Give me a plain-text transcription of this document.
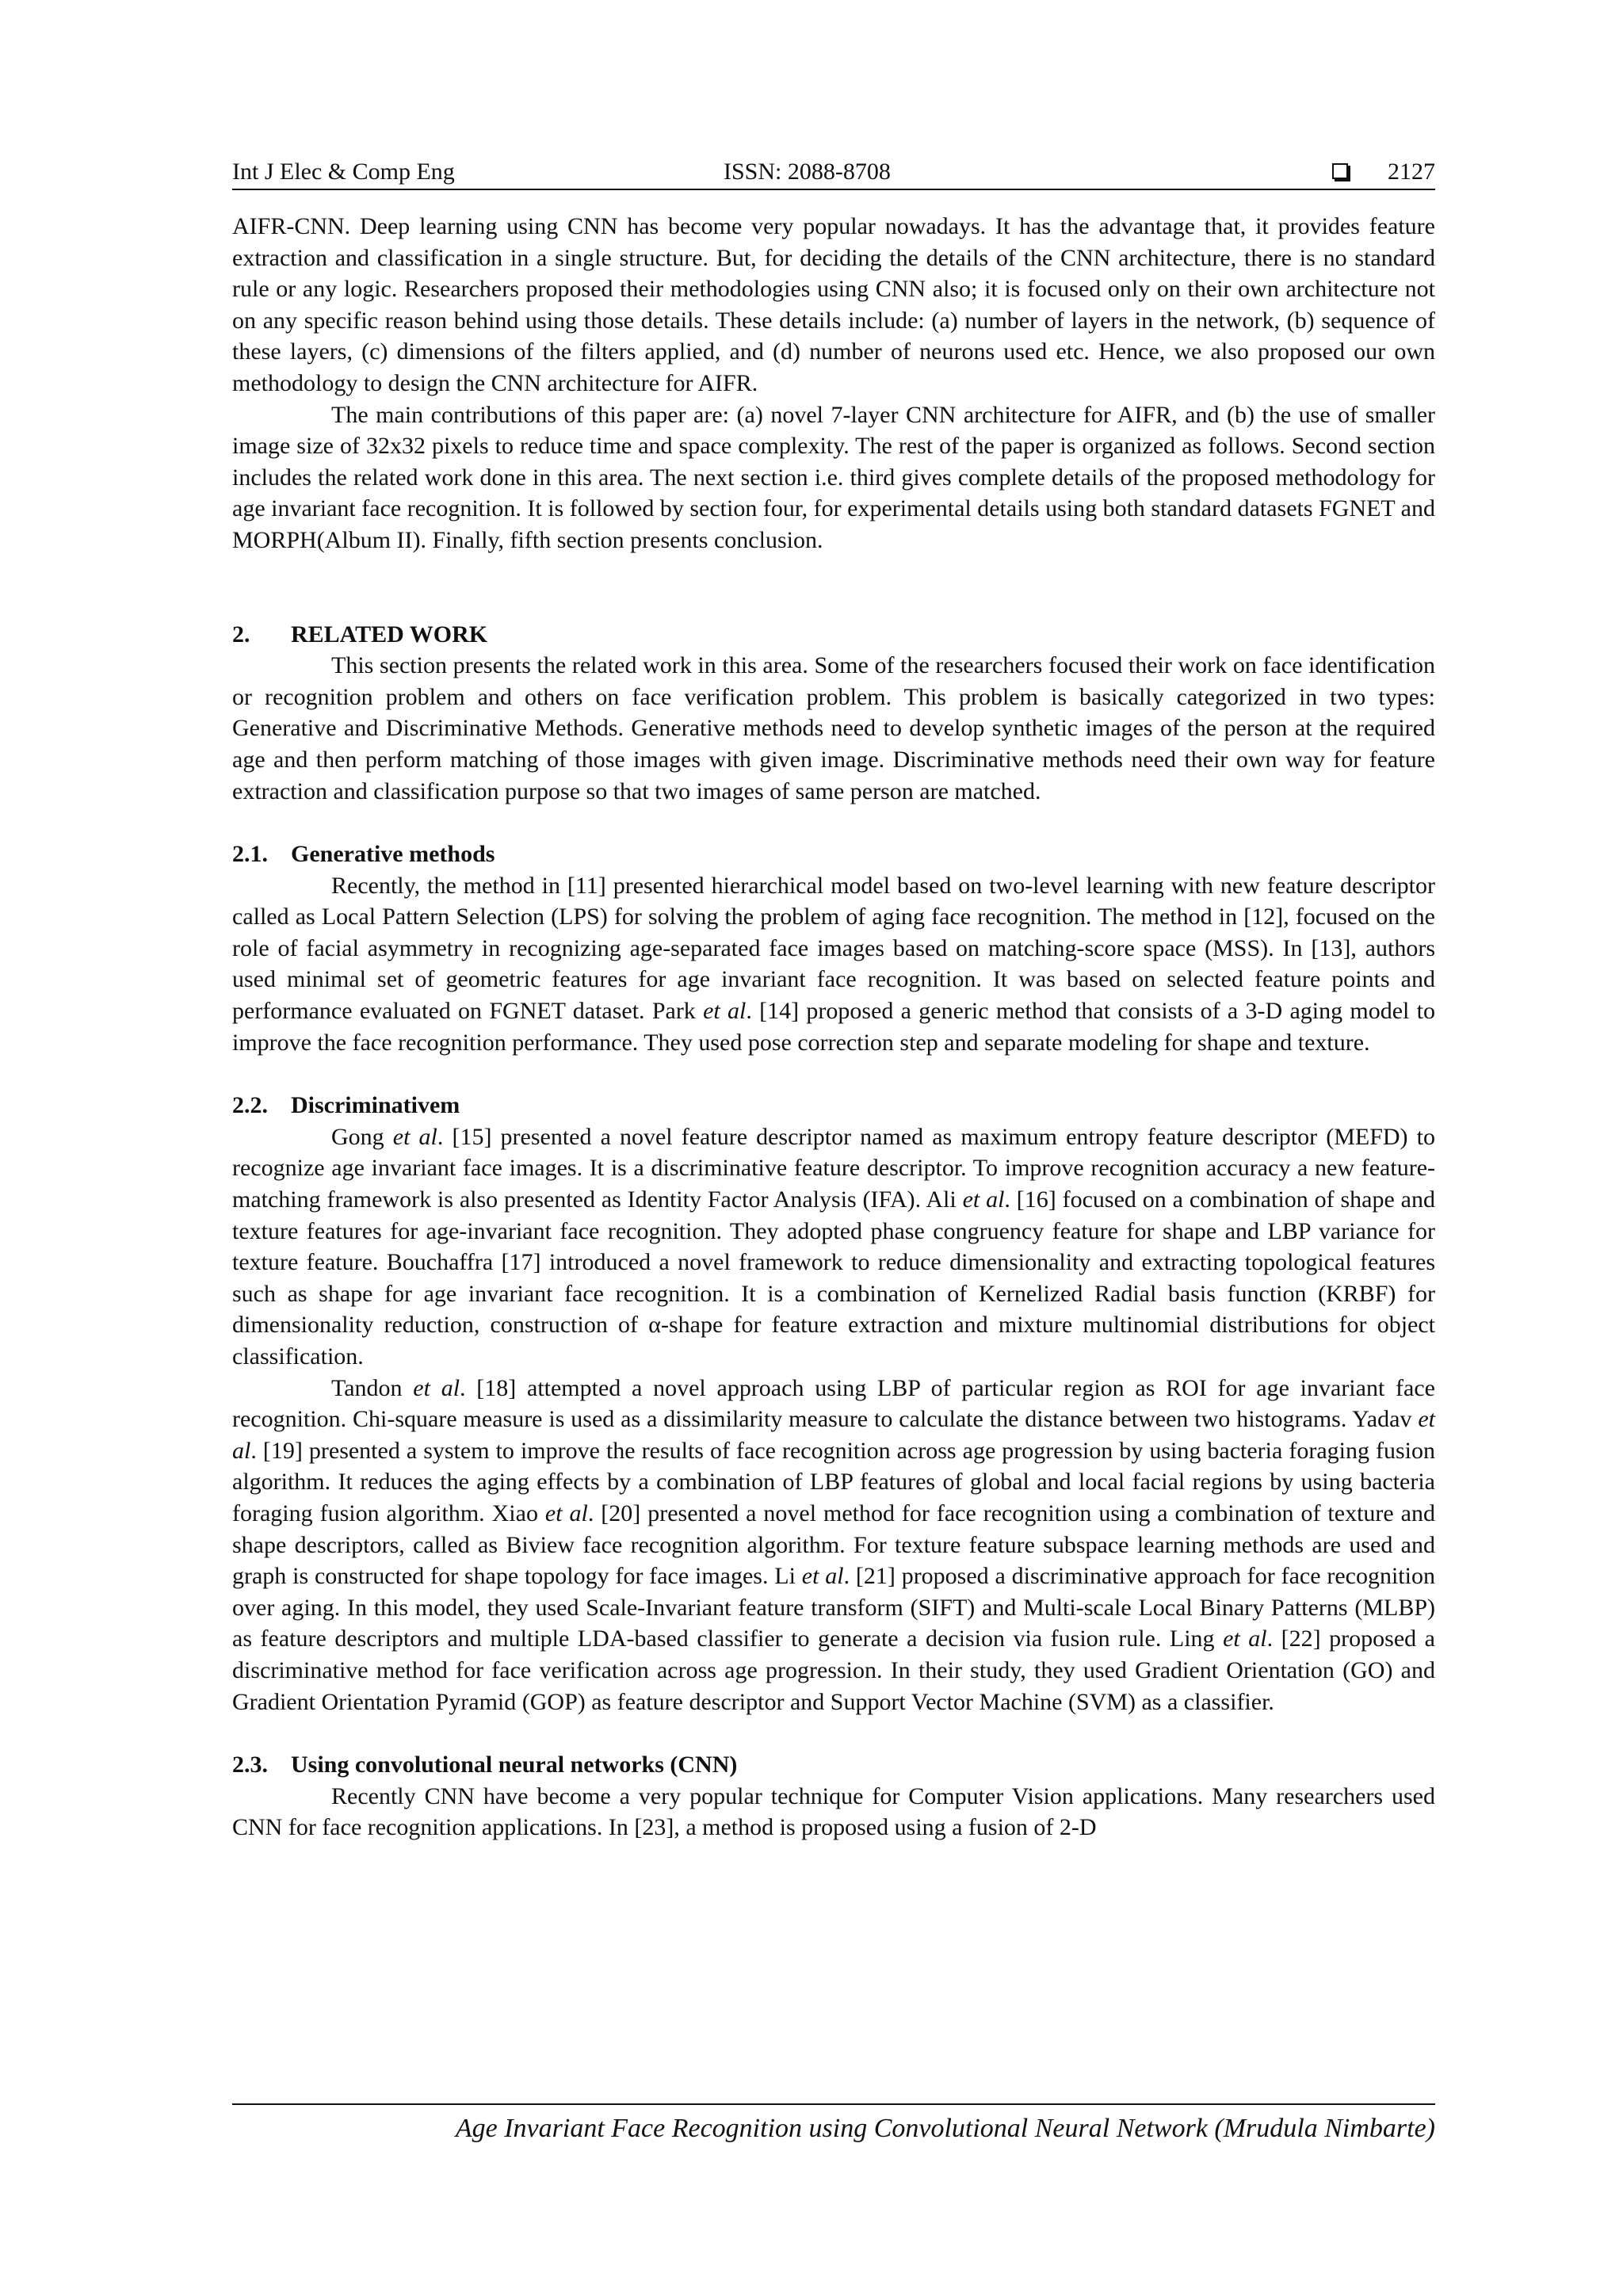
Int J Elec & Comp Eng	ISSN: 2088-8708	2127

AIFR-CNN. Deep learning using CNN has become very popular nowadays. It has the advantage that, it provides feature extraction and classification in a single structure. But, for deciding the details of the CNN architecture, there is no standard rule or any logic. Researchers proposed their methodologies using CNN also; it is focused only on their own architecture not on any specific reason behind using those details. These details include: (a) number of layers in the network, (b) sequence of these layers, (c) dimensions of the filters applied, and (d) number of neurons used etc. Hence, we also proposed our own methodology to design the CNN architecture for AIFR.

The main contributions of this paper are: (a) novel 7-layer CNN architecture for AIFR, and (b) the use of smaller image size of 32x32 pixels to reduce time and space complexity. The rest of the paper is organized as follows. Second section includes the related work done in this area. The next section i.e. third gives complete details of the proposed methodology for age invariant face recognition. It is followed by section four, for experimental details using both standard datasets FGNET and MORPH(Album II). Finally, fifth section presents conclusion.

2. RELATED WORK

This section presents the related work in this area. Some of the researchers focused their work on face identification or recognition problem and others on face verification problem. This problem is basically categorized in two types: Generative and Discriminative Methods. Generative methods need to develop synthetic images of the person at the required age and then perform matching of those images with given image. Discriminative methods need their own way for feature extraction and classification purpose so that two images of same person are matched.

2.1. Generative methods

Recently, the method in [11] presented hierarchical model based on two-level learning with new feature descriptor called as Local Pattern Selection (LPS) for solving the problem of aging face recognition. The method in [12], focused on the role of facial asymmetry in recognizing age-separated face images based on matching-score space (MSS). In [13], authors used minimal set of geometric features for age invariant face recognition. It was based on selected feature points and performance evaluated on FGNET dataset. Park et al. [14] proposed a generic method that consists of a 3-D aging model to improve the face recognition performance. They used pose correction step and separate modeling for shape and texture.

2.2. Discriminativem

Gong et al. [15] presented a novel feature descriptor named as maximum entropy feature descriptor (MEFD) to recognize age invariant face images. It is a discriminative feature descriptor. To improve recognition accuracy a new feature-matching framework is also presented as Identity Factor Analysis (IFA). Ali et al. [16] focused on a combination of shape and texture features for age-invariant face recognition. They adopted phase congruency feature for shape and LBP variance for texture feature. Bouchaffra [17] introduced a novel framework to reduce dimensionality and extracting topological features such as shape for age invariant face recognition. It is a combination of Kernelized Radial basis function (KRBF) for dimensionality reduction, construction of α-shape for feature extraction and mixture multinomial distributions for object classification.

Tandon et al. [18] attempted a novel approach using LBP of particular region as ROI for age invariant face recognition. Chi-square measure is used as a dissimilarity measure to calculate the distance between two histograms. Yadav et al. [19] presented a system to improve the results of face recognition across age progression by using bacteria foraging fusion algorithm. It reduces the aging effects by a combination of LBP features of global and local facial regions by using bacteria foraging fusion algorithm. Xiao et al. [20] presented a novel method for face recognition using a combination of texture and shape descriptors, called as Biview face recognition algorithm. For texture feature subspace learning methods are used and graph is constructed for shape topology for face images. Li et al. [21] proposed a discriminative approach for face recognition over aging. In this model, they used Scale-Invariant feature transform (SIFT) and Multi-scale Local Binary Patterns (MLBP) as feature descriptors and multiple LDA-based classifier to generate a decision via fusion rule. Ling et al. [22] proposed a discriminative method for face verification across age progression. In their study, they used Gradient Orientation (GO) and Gradient Orientation Pyramid (GOP) as feature descriptor and Support Vector Machine (SVM) as a classifier.

2.3. Using convolutional neural networks (CNN)

Recently CNN have become a very popular technique for Computer Vision applications. Many researchers used CNN for face recognition applications. In [23], a method is proposed using a fusion of 2-D

Age Invariant Face Recognition using Convolutional Neural Network (Mrudula Nimbarte)
